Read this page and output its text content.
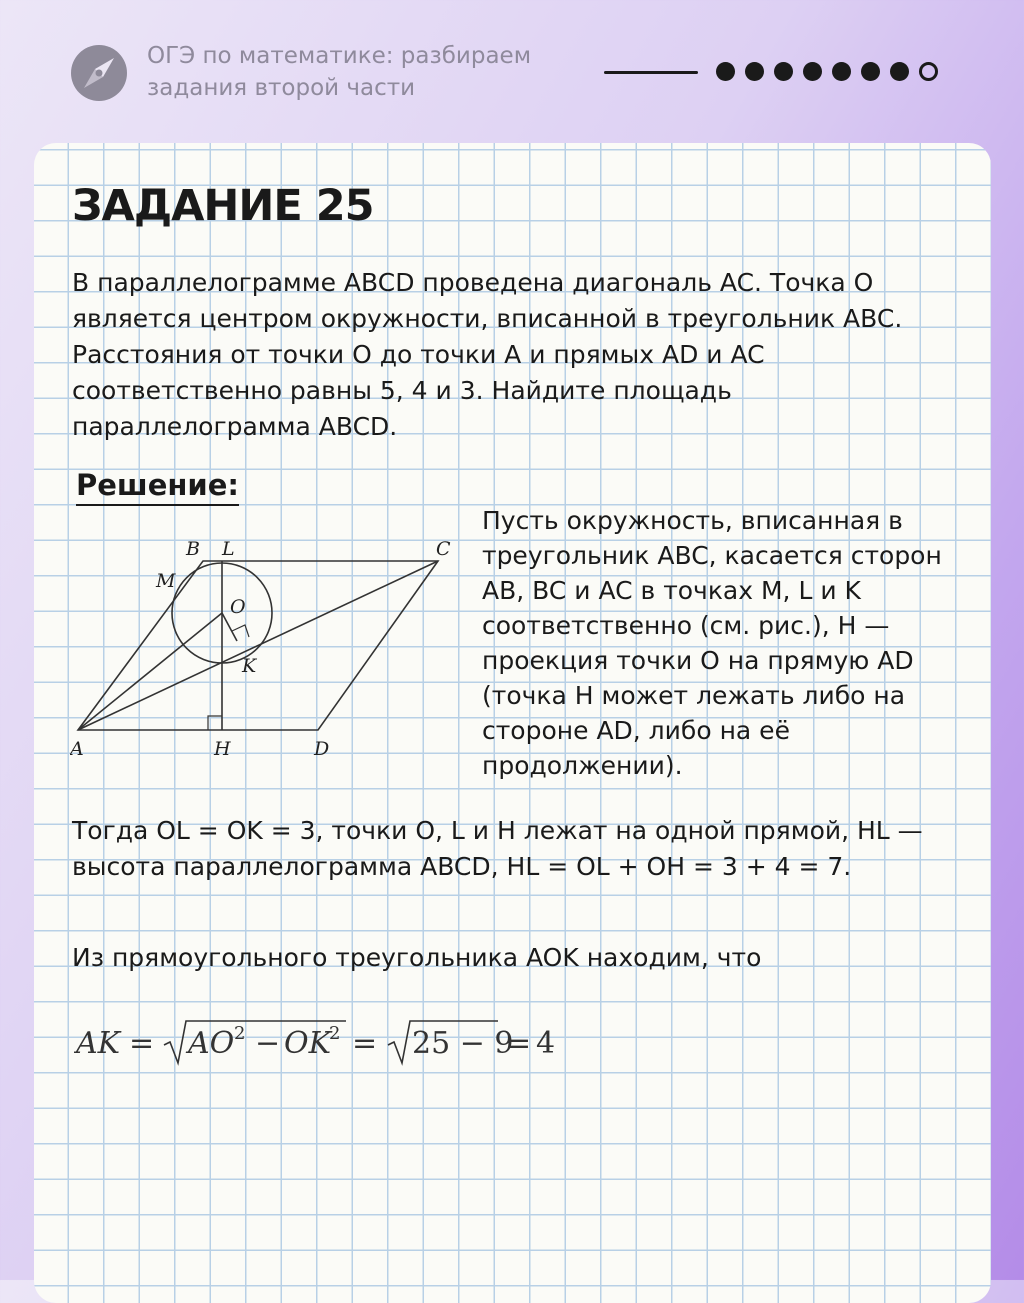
ОГЭ по математике: разбираем задания второй части
ЗАДАНИЕ 25

В параллелограмме ABCD проведена диагональ AC. Точка O является центром окружности, вписанной в треугольник ABC. Расстояния от точки O до точки A и прямых AD и AC соответственно равны 5, 4 и 3. Найдите площадь параллелограмма ABCD.

Решение:
A
B L	C
M
O
K
H	D

Пусть окружность, вписанная в треугольник ABC, касается сторон AB, BC и AC в точках M, L и K соответственно (см. рис.), H — проекция точки O на прямую AD (точка H может лежать либо на стороне AD, либо на её продолжении).

Тогда OL = OK = 3, точки O, L и H лежат на одной прямой, HL — высота параллелограмма ABCD, HL = OL + OH = 3 + 4 = 7.

Из прямоугольного треугольника AOK находим, что

AK = AO 2 − OK
2 = 25 − 9
= 4
